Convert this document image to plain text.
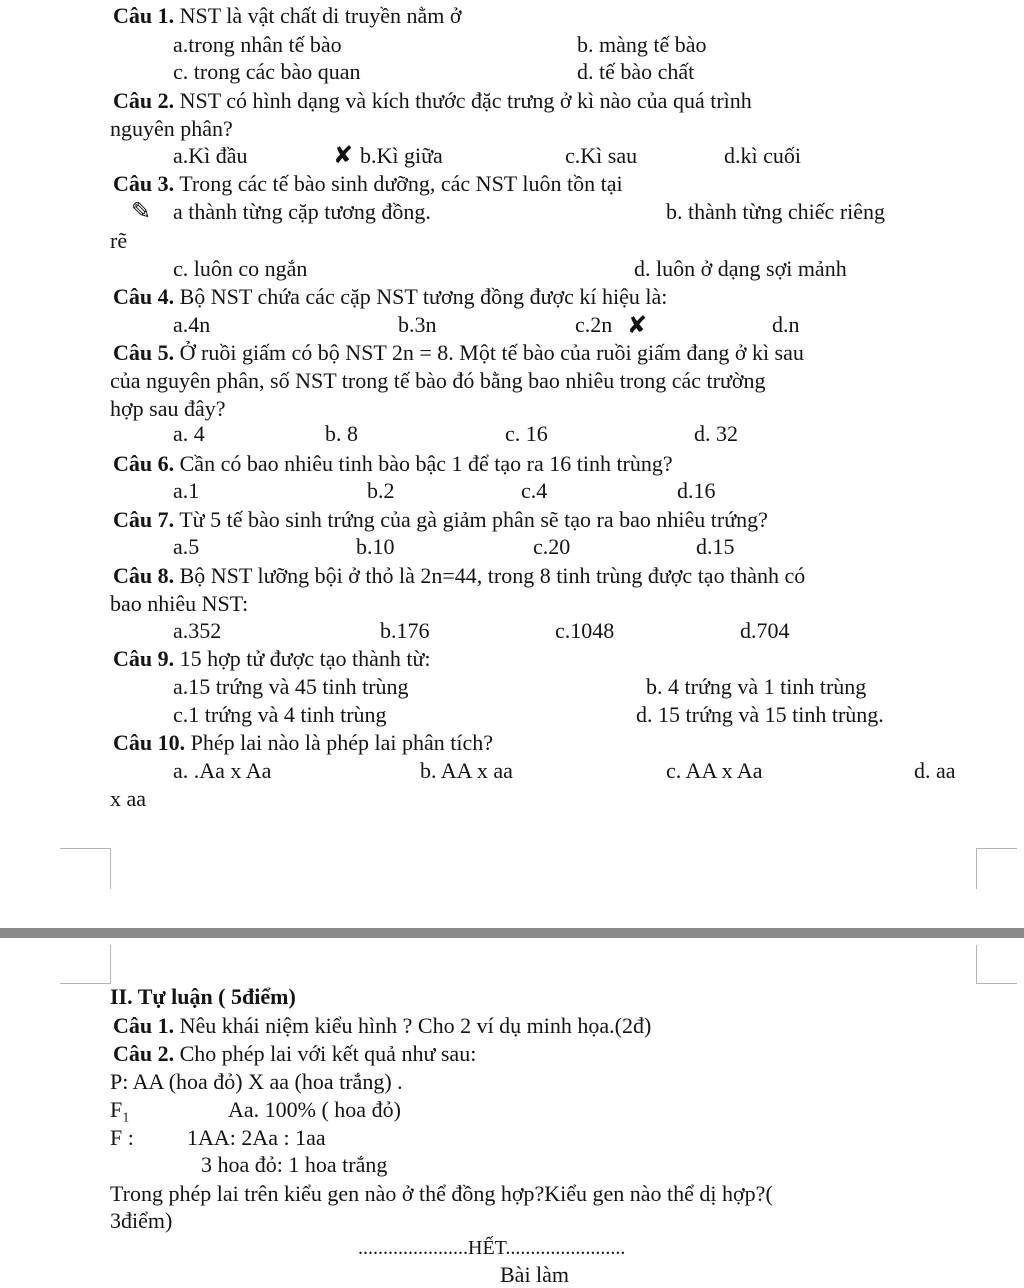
Câu 1. NST là vật chất di truyền nằm ở
a.trong nhân tế bào	b. màng tế bào
c. trong các bào quan	d. tế bào chất
Câu 2. NST có hình dạng và kích thước đặc trưng ở kì nào của quá trình
nguyên phân?
a.Kì đầu	✘ b.Kì giữa	c.Kì sau	d.kì cuối
Câu 3. Trong các tế bào sinh dưỡng, các NST luôn tồn tại
✎ a thành từng cặp tương đồng.	b. thành từng chiếc riêng
rẽ
c. luôn co ngắn	d. luôn ở dạng sợi mảnh
Câu 4. Bộ NST chứa các cặp NST tương đồng được kí hiệu là:
a.4n	b.3n	c.2n ✘	d.n
Câu 5. Ở ruồi giấm có bộ NST 2n = 8. Một tế bào của ruồi giấm đang ở kì sau
của nguyên phân, số NST trong tế bào đó bằng bao nhiêu trong các trường
hợp sau đây?
a. 4	b. 8	c. 16	d. 32
Câu 6. Cần có bao nhiêu tinh bào bậc 1 để tạo ra 16 tinh trùng?
a.1	b.2	c.4	d.16
Câu 7. Từ 5 tế bào sinh trứng của gà giảm phân sẽ tạo ra bao nhiêu trứng?
a.5	b.10	c.20	d.15
Câu 8. Bộ NST lưỡng bội ở thỏ là 2n=44, trong 8 tinh trùng được tạo thành có
bao nhiêu NST:
a.352	b.176	c.1048	d.704
Câu 9. 15 hợp tử được tạo thành từ:
a.15 trứng và 45 tinh trùng	b. 4 trứng và 1 tinh trùng
c.1 trứng và 4 tinh trùng	d. 15 trứng và 15 tinh trùng.
Câu 10. Phép lai nào là phép lai phân tích?
a. .Aa x Aa	b. AA x aa	c. AA x Aa	d. aa
x aa
II. Tự luận ( 5điểm)
Câu 1. Nêu khái niệm kiểu hình ? Cho 2 ví dụ minh họa.(2đ)
Câu 2. Cho phép lai với kết quả như sau:
P: AA (hoa đỏ) X aa (hoa trắng) .
F₁	Aa. 100% ( hoa đỏ)
F : 1AA: 2Aa : 1aa
3 hoa đỏ: 1 hoa trắng
Trong phép lai trên kiểu gen nào ở thể đồng hợp?Kiểu gen nào thể dị hợp?(
3điểm)
......................HẾT........................
Bài làm
